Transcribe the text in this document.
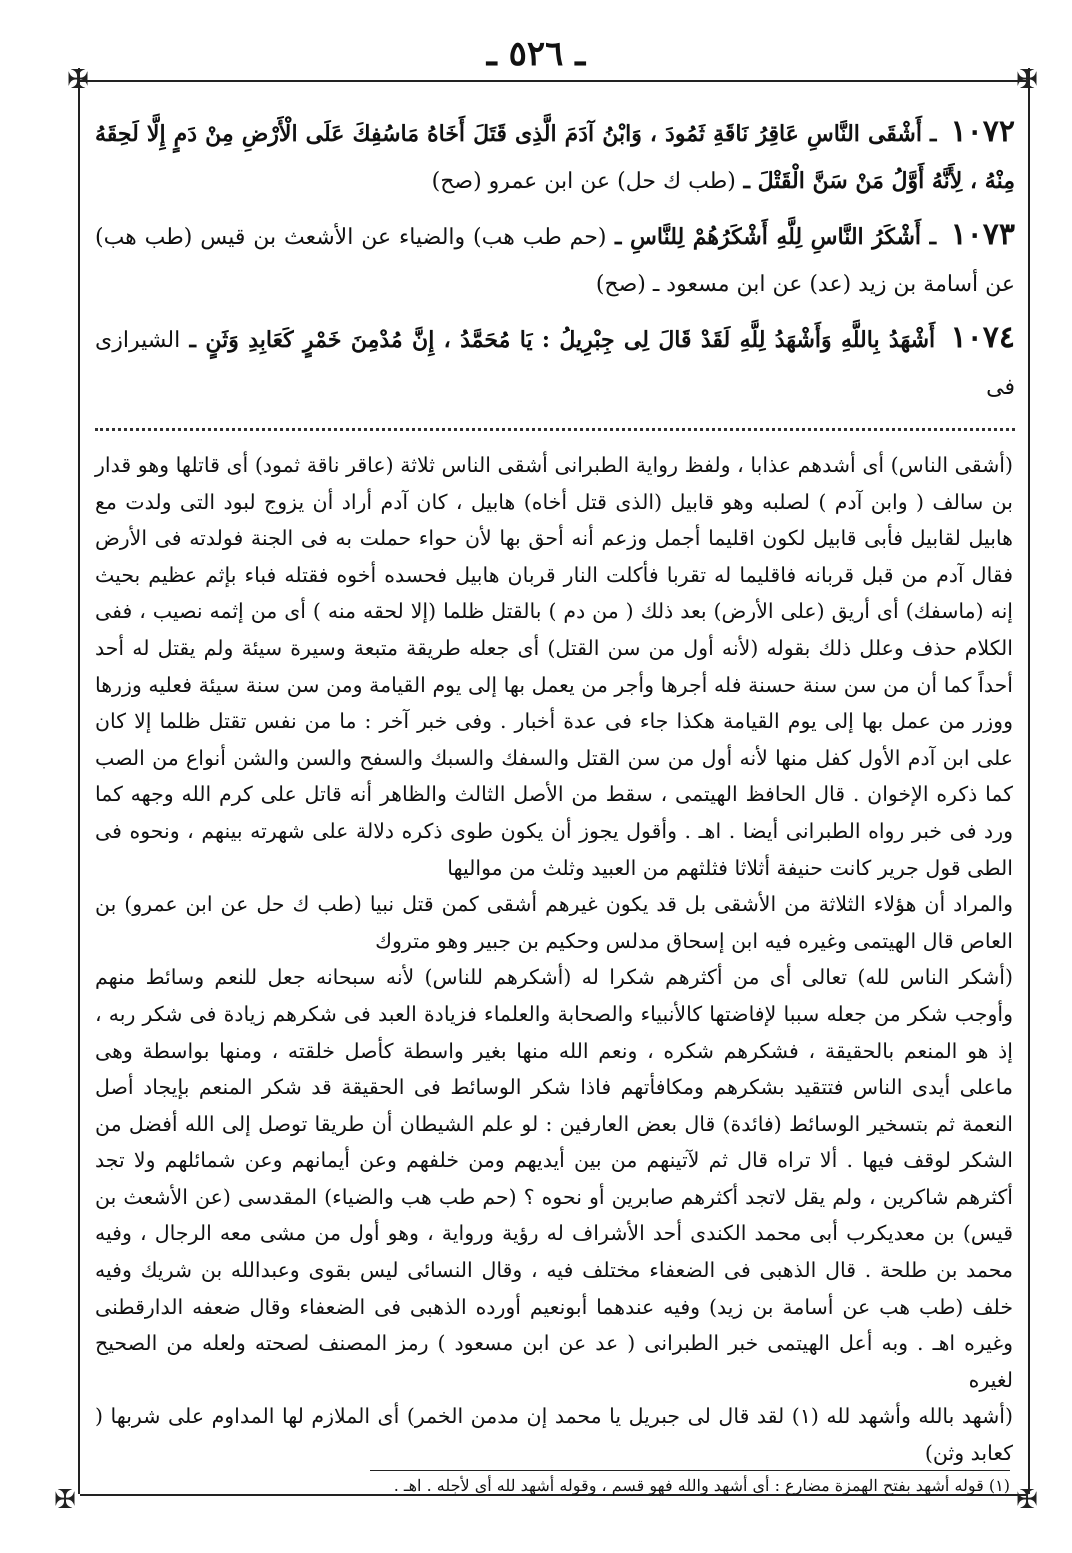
✠	✠
✠	✠
ـ ٥٢٦ ـ
١٠٧٢ ـ أَشْقَى النَّاسِ عَاقِرُ نَاقَةِ ثَمُودَ ، وَابْنُ آدَمَ الَّذِى قَتَلَ أَخَاهُ مَاسُفِكَ عَلَى الْأَرْضِ مِنْ دَمٍ إِلَّا لَحِقَهُ مِنْهُ ، لِأَنَّهُ أَوَّلُ مَنْ سَنَّ الْقَتْلَ ـ (طب ك حل) عن ابن عمرو (صح)
١٠٧٣ ـ أَشْكَرُ النَّاسِ لِلَّهِ أَشْكَرُهُمْ لِلنَّاسِ ـ (حم طب هب) والضياء عن الأشعث بن قيس (طب هب) عن أسامة بن زيد (عد) عن ابن مسعود ـ (صح)
١٠٧٤ أَشْهَدُ بِاللَّهِ وَأَشْهَدُ لِلَّهِ لَقَدْ قَالَ لِى جِبْرِيلُ : يَا مُحَمَّدُ ، إِنَّ مُدْمِنَ خَمْرٍ كَعَابِدِ وَثَنٍ ـ الشيرازى فى

(أشقى الناس) أى أشدهم عذابا ، ولفظ رواية الطبرانى أشقى الناس ثلاثة (عاقر ناقة ثمود) أى قاتلها وهو قدار بن سالف ( وابن آدم ) لصلبه وهو قابيل (الذى قتل أخاه) هابيل ، كان آدم أراد أن يزوج لبود التى ولدت مع هابيل لقابيل فأبى قابيل لكون اقليما أجمل وزعم أنه أحق بها لأن حواء حملت به فى الجنة فولدته فى الأرض فقال آدم من قبل قربانه فاقليما له تقربا فأكلت النار قربان هابيل فحسده أخوه فقتله فباء بإثم عظيم بحيث إنه (ماسفك) أى أريق (على الأرض) بعد ذلك ( من دم ) بالقتل ظلما (إلا لحقه منه ) أى من إثمه نصيب ، ففى الكلام حذف وعلل ذلك بقوله (لأنه أول من سن القتل) أى جعله طريقة متبعة وسيرة سيئة ولم يقتل له أحد أحداً كما أن من سن سنة حسنة فله أجرها وأجر من يعمل بها إلى يوم القيامة ومن سن سنة سيئة فعليه وزرها ووزر من عمل بها إلى يوم القيامة هكذا جاء فى عدة أخبار . وفى خبر آخر : ما من نفس تقتل ظلما إلا كان على ابن آدم الأول كفل منها لأنه أول من سن القتل والسفك والسبك والسفح والسن والشن أنواع من الصب كما ذكره الإخوان . قال الحافظ الهيتمى ، سقط من الأصل الثالث والظاهر أنه قاتل على كرم الله وجهه كما ورد فى خبر رواه الطبرانى أيضا . اهـ . وأقول يجوز أن يكون طوى ذكره دلالة على شهرته بينهم ، ونحوه فى الطى قول جرير كانت حنيفة أثلاثا فثلثهم من العبيد وثلث من مواليها

والمراد أن هؤلاء الثلاثة من الأشقى بل قد يكون غيرهم أشقى كمن قتل نبيا (طب ك حل عن ابن عمرو) بن العاص قال الهيتمى وغيره فيه ابن إسحاق مدلس وحكيم بن جبير وهو متروك

(أشكر الناس لله) تعالى أى من أكثرهم شكرا له (أشكرهم للناس) لأنه سبحانه جعل للنعم وسائط منهم وأوجب شكر من جعله سببا لإفاضتها كالأنبياء والصحابة والعلماء فزيادة العبد فى شكرهم زيادة فى شكر ربه ، إذ هو المنعم بالحقيقة ، فشكرهم شكره ، ونعم الله منها بغير واسطة كأصل خلقته ، ومنها بواسطة وهى ماعلى أيدى الناس فتتقيد بشكرهم ومكافأتهم فاذا شكر الوسائط فى الحقيقة قد شكر المنعم بإيجاد أصل النعمة ثم بتسخير الوسائط (فائدة) قال بعض العارفين : لو علم الشيطان أن طريقا توصل إلى الله أفضل من الشكر لوقف فيها . ألا تراه قال ثم لآتينهم من بين أيديهم ومن خلفهم وعن أيمانهم وعن شمائلهم ولا تجد أكثرهم شاكرين ، ولم يقل لاتجد أكثرهم صابرين أو نحوه ؟ (حم طب هب والضياء) المقدسى (عن الأشعث بن قيس) بن معديكرب أبى محمد الكندى أحد الأشراف له رؤية ورواية ، وهو أول من مشى معه الرجال ، وفيه محمد بن طلحة . قال الذهبى فى الضعفاء مختلف فيه ، وقال النسائى ليس بقوى وعبدالله بن شريك وفيه خلف (طب هب عن أسامة بن زيد) وفيه عندهما أبونعيم أورده الذهبى فى الضعفاء وقال ضعفه الدارقطنى وغيره اهـ . وبه أعل الهيتمى خبر الطبرانى ( عد عن ابن مسعود ) رمز المصنف لصحته ولعله من الصحيح لغيره

(أشهد بالله وأشهد لله (١) لقد قال لى جبريل يا محمد إن مدمن الخمر) أى الملازم لها المداوم على شربها ( كعابد وثن)

(١) قوله أشهد بفتح الهمزة مضارع : أى أشهد والله فهو قسم ، وقوله أشهد لله أى لأجله . اهـ .
